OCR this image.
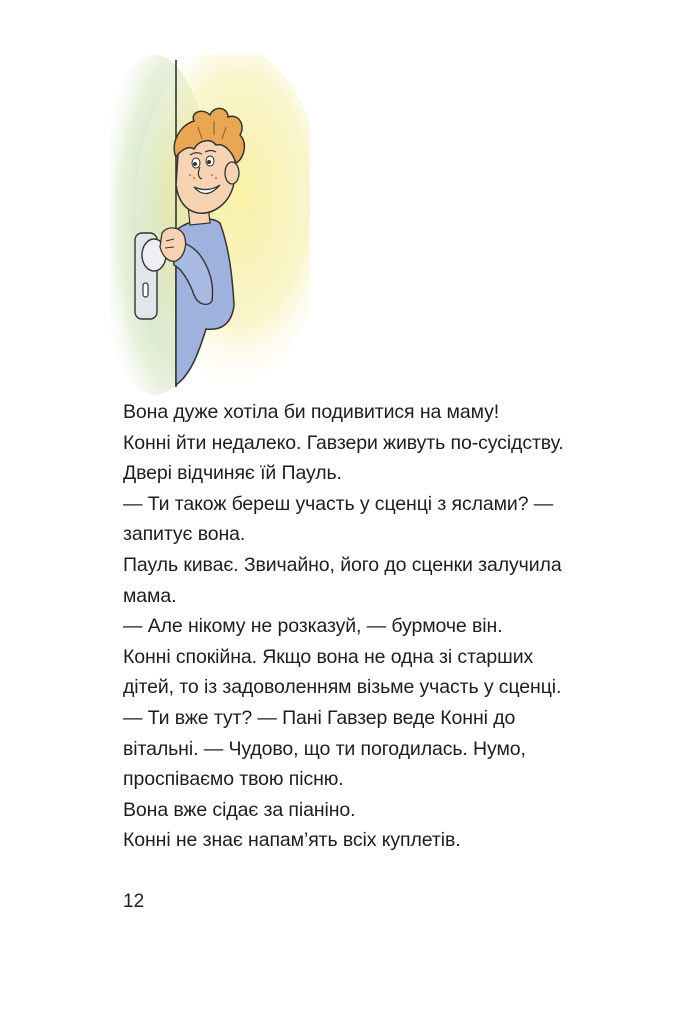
Вона дуже хотіла би подивитися на маму!
Конні йти недалеко. Гавзери живуть по-сусідству.
Двері відчиняє їй Пауль.
— Ти також береш участь у сценці з яслами? —
запитує вона.
Пауль киває. Звичайно, його до сценки залучила
мама.
— Але нікому не розказуй, — бурмоче він.
Конні спокійна. Якщо вона не одна зі старших
дітей, то із задоволенням візьме участь у сценці.
— Ти вже тут? — Пані Гавзер веде Конні до
вітальні. — Чудово, що ти погодилась. Нумо,
проспіваємо твою пісню.
Вона вже сідає за піаніно.
Конні не знає напам’ять всіх куплетів.
12
